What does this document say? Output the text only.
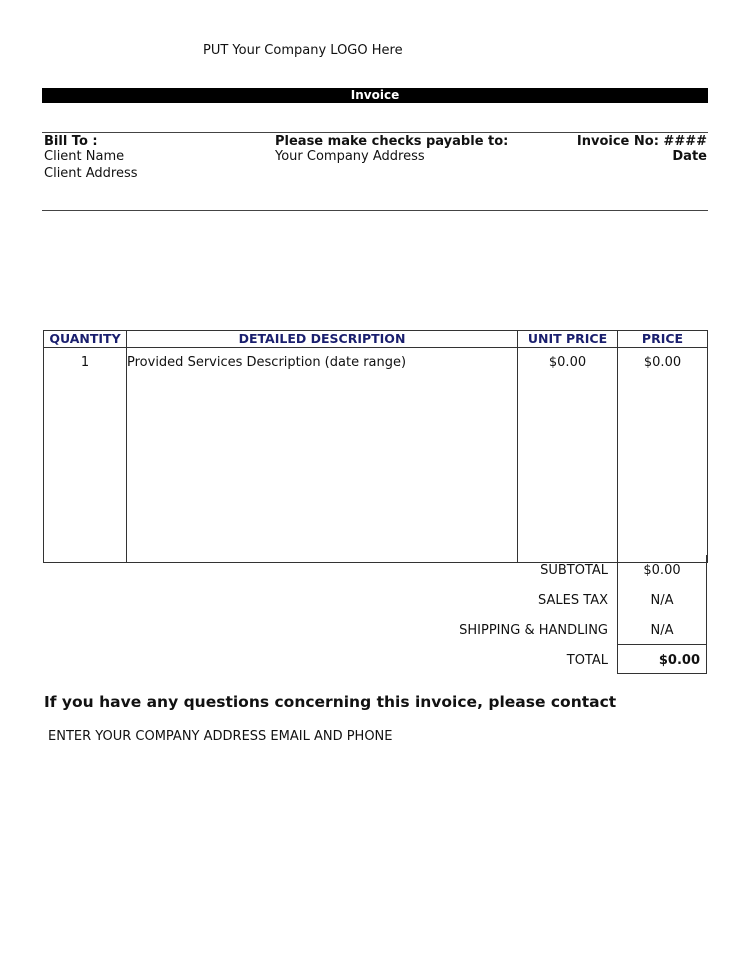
PUT Your Company LOGO Here
Invoice
Bill To :
Client Name
Client Address
Please make checks payable to:
Your Company Address
Invoice No: ####
Date
QUANTITY	DETAILED DESCRIPTION	UNIT PRICE	PRICE
1	Provided Services Description (date range)	$0.00	$0.00
SUBTOTAL	$0.00
SALES TAX	N/A
SHIPPING & HANDLING	N/A
TOTAL	$0.00
If you have any questions concerning this invoice, please contact
ENTER YOUR COMPANY ADDRESS EMAIL AND PHONE
